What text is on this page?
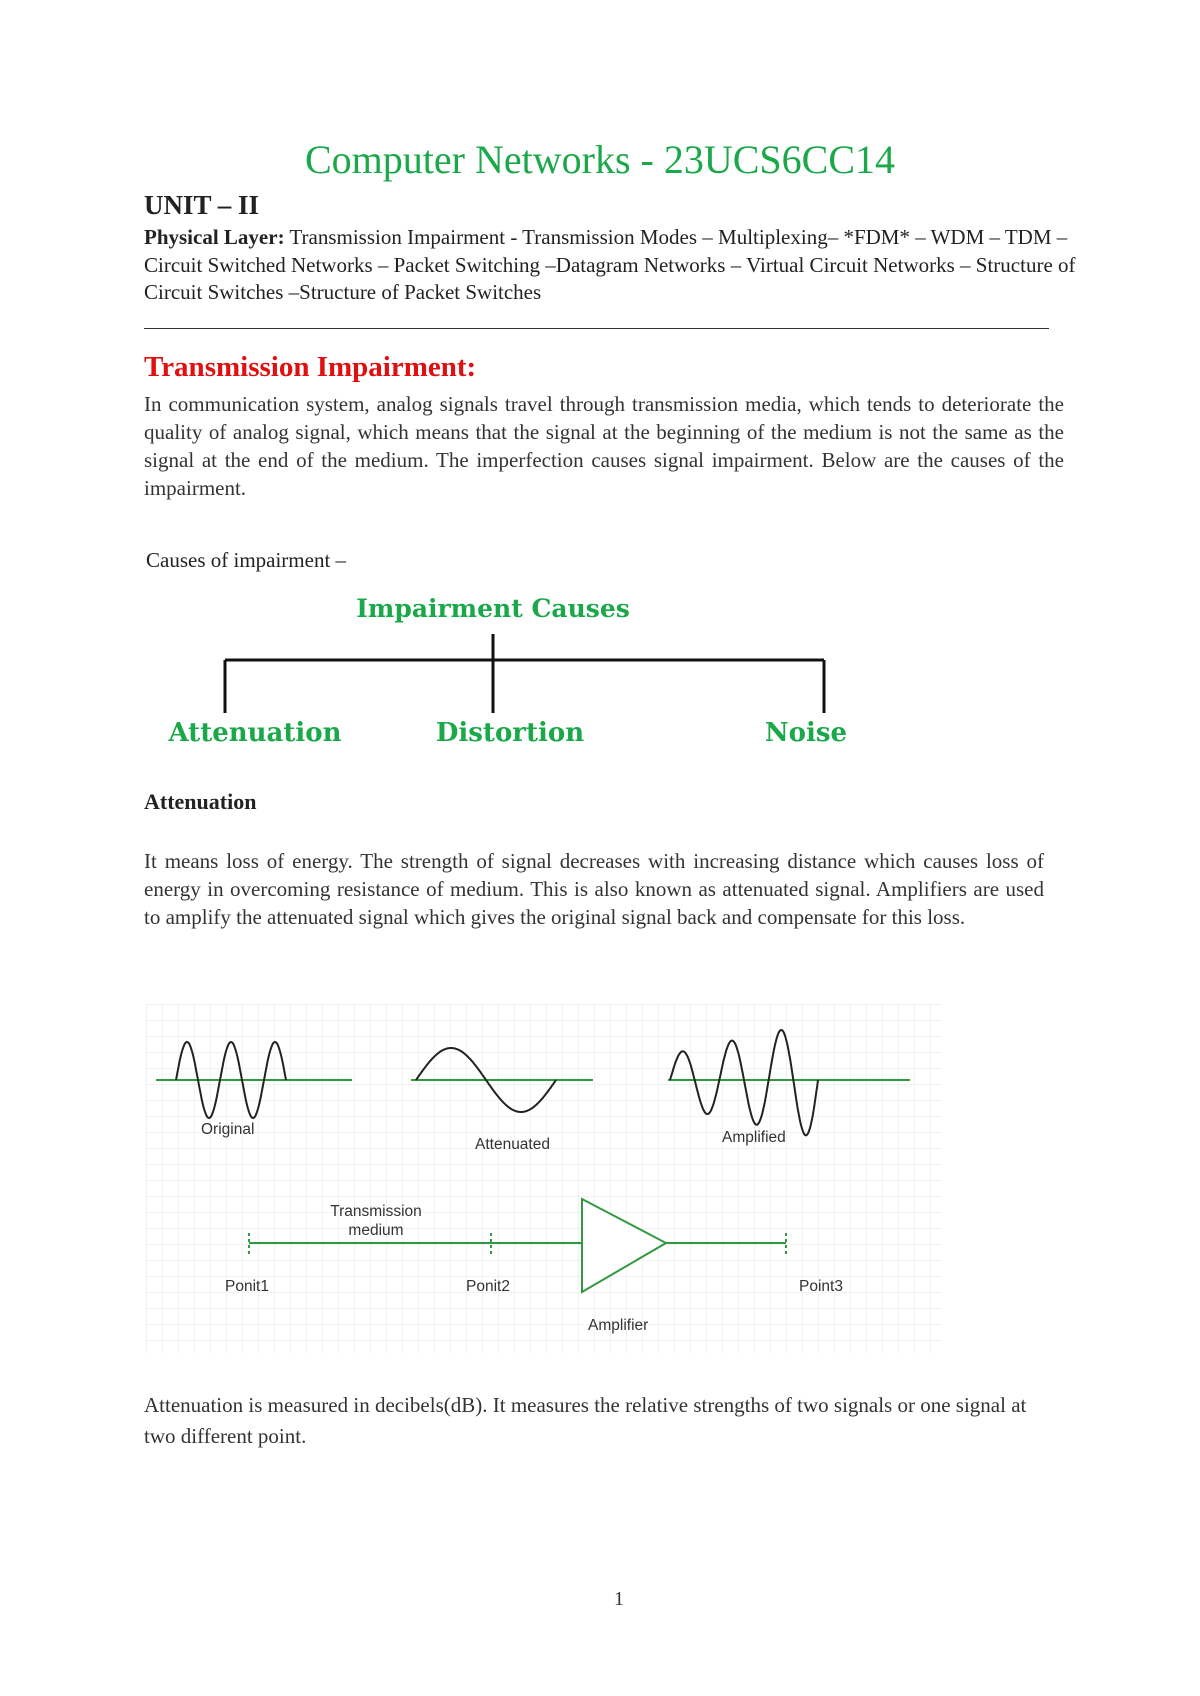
Computer Networks - 23UCS6CC14
UNIT – II
Physical Layer: Transmission Impairment - Transmission Modes – Multiplexing– *FDM* – WDM – TDM – Circuit Switched Networks – Packet Switching –Datagram Networks – Virtual Circuit Networks – Structure of Circuit Switches –Structure of Packet Switches
Transmission Impairment:
In communication system, analog signals travel through transmission media, which tends to deteriorate the quality of analog signal, which means that the signal at the beginning of the medium is not the same as the signal at the end of the medium. The imperfection causes signal impairment. Below are the causes of the impairment.
Causes of impairment –
Impairment Causes
Attenuation	Distortion	Noise
Attenuation
It means loss of energy. The strength of signal decreases with increasing distance which causes loss of energy in overcoming resistance of medium. This is also known as attenuated signal. Amplifiers are used to amplify the attenuated signal which gives the original signal back and compensate for this loss.
Original
Attenuated	Amplified
Transmission
medium
Ponit1	Ponit2	Point3
Amplifier
Attenuation is measured in decibels(dB). It measures the relative strengths of two signals or one signal at two different point.
1
